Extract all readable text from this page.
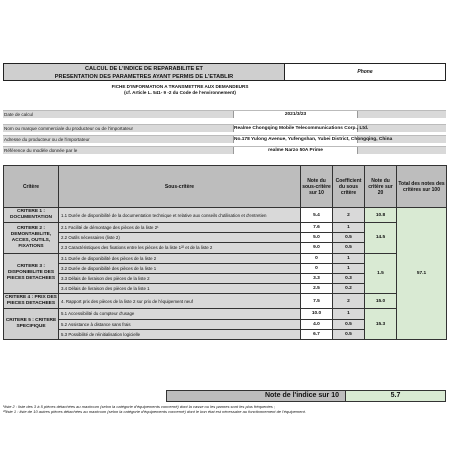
CALCUL DE L'INDICE DE REPARABILITE ET
PRESENTATION DES PARAMETRES AYANT PERMIS DE L'ETABLIR
Phone
FICHE D'INFORMATION A TRANSMETTRE AUX DEMANDEURS
(cf. Article L. 541- 9 -2 du Code de l'environnement)
Date de calcul	2021/3/23
Nom ou marque commerciale du producteur ou de l'importateur	Realme Chongqing Mobile Telecommunications Corp., Ltd.
Adresse du producteur ou de l'importateur	No.178 Yulong Avenue, Yufengshan, Yubei District, Chongqing, China
Référence du modèle donnée par le	realme Narzo 50A Prime
Critère	Sous-critère	Note du sous-critère sur 10	Coefficient du sous critère	Note du critère sur 20	Total des notes des critères sur 100
CRITERE 1 : DOCUMENTATION	1.1 Durée de disponibilité de la documentation technique et relative aux conseils d'utilisation et d'entretien	5.4	2	10.8	57.1
CRITERE 2 : DEMONTABILITE, ACCES, OUTILS, FIXATIONS	2.1 Facilité de démontage des pièces de la liste 2¹	7.6	1	14.5	
	2.2 Outils nécessaires (liste 2)	5.0	0.5		
	2.3 Caractéristiques des fixations entre les pièces de la liste 1²² et de la liste 2	9.0	0.5		
CRITERE 3 : DISPONIBILITE DES PIECES DETACHEES	3.1 Durée de disponibilité des pièces de la liste 2	0	1	1.5	
	3.2 Durée de disponibilité des pièces de la liste 1	0	1		
	3.3 Délais de livraison des pièces de la liste 2	3.3	0.3		
	3.4 Délais de livraison des pièces de la liste 1	2.5	0.2		
CRITERE 4 : PRIX DES PIECES DETACHEES	4. Rapport prix des pièces de la liste 2 sur prix de l'équipement neuf	7.5	2	15.0	
CRITERE 5 : CRITERE SPECIFIQUE	5.1 Accessibilité du compteur d'usage	10.0	1	15.3	
	5.2 Assistance à distance sans frais	4.0	0.5		
	5.3 Possibilité de réinitialisation logicielle	6.7	0.5		
Note de l'indice sur 10	5.7
¹liste 2 : liste des 3 à 5 pièces détachées au maximum (selon la catégorie d'équipements concerné) dont la casse ou les pannes sont les plus fréquentes ;
²²liste 1 : liste de 10 autres pièces détachées au maximum (selon la catégorie d'équipements concerné) dont le bon état est nécessaire au fonctionnement de l'équipement.
